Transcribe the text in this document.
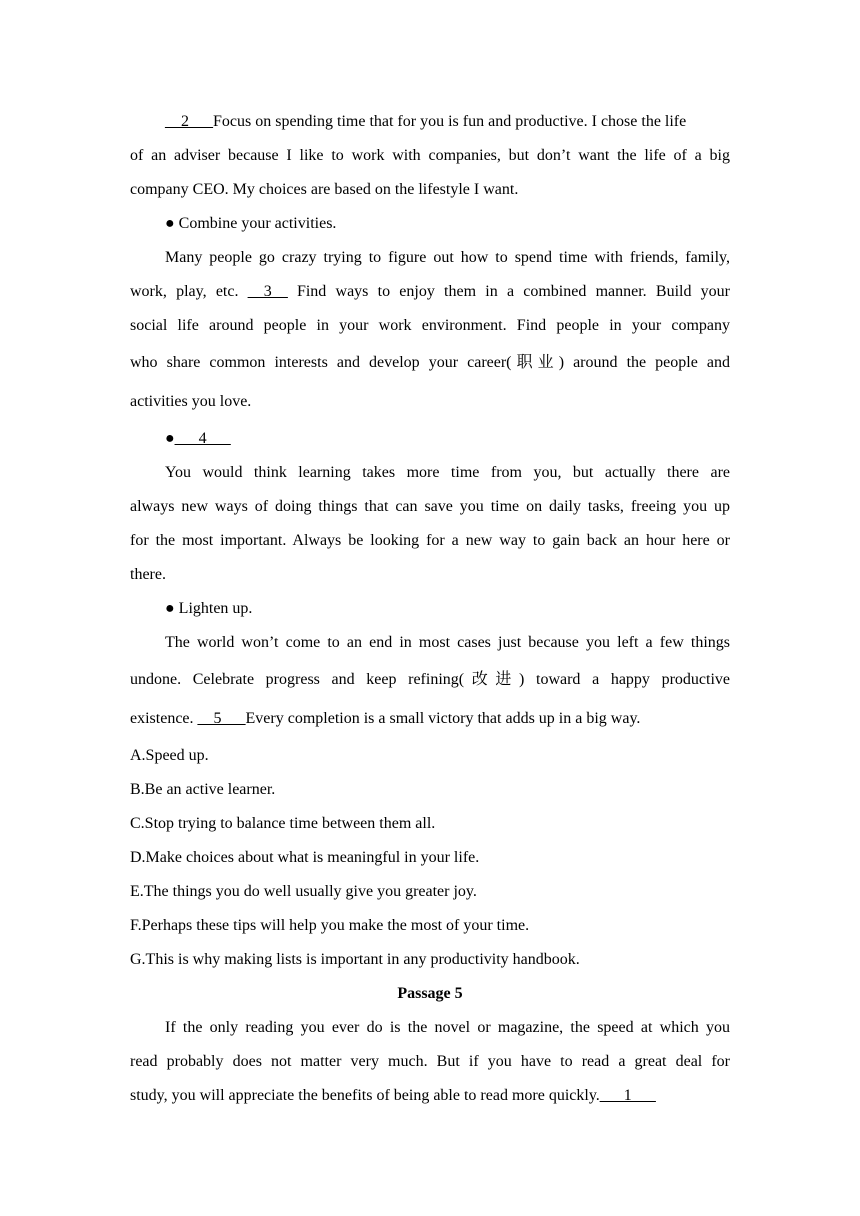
__2___Focus on spending time that for you is fun and productive. I chose the life
of an adviser because I like to work with companies, but don’t want the life of a big
company CEO. My choices are based on the lifestyle I want.
● Combine your activities.
Many people go crazy trying to figure out how to spend time with friends, family,
work, play, etc. __3__ Find ways to enjoy them in a combined manner. Build your
social life around people in your work environment. Find people in your company
who share common interests and develop your career(职业) around the people and
activities you love.
●___4___
You would think learning takes more time from you, but actually there are
always new ways of doing things that can save you time on daily tasks, freeing you up
for the most important. Always be looking for a new way to gain back an hour here or
there.
● Lighten up.
The world won’t come to an end in most cases just because you left a few things
undone. Celebrate progress and keep refining(改进) toward a happy productive
existence. __5___Every completion is a small victory that adds up in a big way.
A.Speed up.
B.Be an active learner.
C.Stop trying to balance time between them all.
D.Make choices about what is meaningful in your life.
E.The things you do well usually give you greater joy.
F.Perhaps these tips will help you make the most of your time.
G.This is why making lists is important in any productivity handbook.
Passage 5
If the only reading you ever do is the novel or magazine, the speed at which you
read probably does not matter very much. But if you have to read a great deal for
study, you will appreciate the benefits of being able to read more quickly.___1___
